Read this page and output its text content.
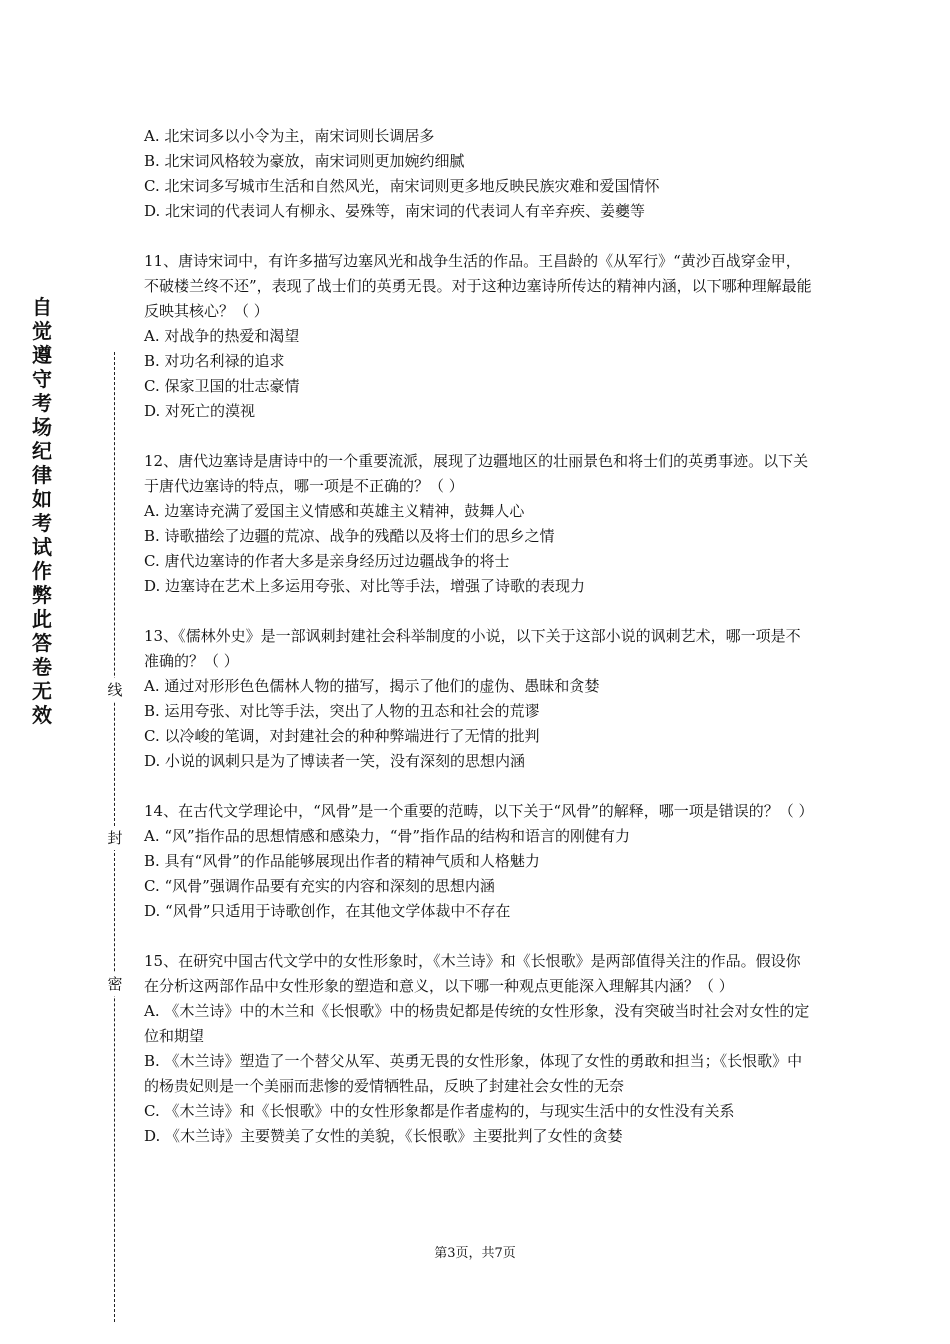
自觉遵守考场纪律如考试作弊此答卷无效
线
封
密

A. 北宋词多以小令为主，南宋词则长调居多

B. 北宋词风格较为豪放，南宋词则更加婉约细腻

C. 北宋词多写城市生活和自然风光，南宋词则更多地反映民族灾难和爱国情怀

D. 北宋词的代表词人有柳永、晏殊等，南宋词的代表词人有辛弃疾、姜夔等

11、唐诗宋词中，有许多描写边塞风光和战争生活的作品。王昌龄的《从军行》“黄沙百战穿金甲，不破楼兰终不还”，表现了战士们的英勇无畏。对于这种边塞诗所传达的精神内涵，以下哪种理解最能反映其核心？（ ）

A. 对战争的热爱和渴望

B. 对功名利禄的追求

C. 保家卫国的壮志豪情

D. 对死亡的漠视

12、唐代边塞诗是唐诗中的一个重要流派，展现了边疆地区的壮丽景色和将士们的英勇事迹。以下关于唐代边塞诗的特点，哪一项是不正确的？（ ）

A. 边塞诗充满了爱国主义情感和英雄主义精神，鼓舞人心

B. 诗歌描绘了边疆的荒凉、战争的残酷以及将士们的思乡之情

C. 唐代边塞诗的作者大多是亲身经历过边疆战争的将士

D. 边塞诗在艺术上多运用夸张、对比等手法，增强了诗歌的表现力

13、《儒林外史》是一部讽刺封建社会科举制度的小说，以下关于这部小说的讽刺艺术，哪一项是不准确的？（ ）

A. 通过对形形色色儒林人物的描写，揭示了他们的虚伪、愚昧和贪婪

B. 运用夸张、对比等手法，突出了人物的丑态和社会的荒谬

C. 以冷峻的笔调，对封建社会的种种弊端进行了无情的批判

D. 小说的讽刺只是为了博读者一笑，没有深刻的思想内涵

14、在古代文学理论中，“风骨”是一个重要的范畴，以下关于“风骨”的解释，哪一项是错误的？（ ）

A. “风”指作品的思想情感和感染力，“骨”指作品的结构和语言的刚健有力

B. 具有“风骨”的作品能够展现出作者的精神气质和人格魅力

C. “风骨”强调作品要有充实的内容和深刻的思想内涵

D. “风骨”只适用于诗歌创作，在其他文学体裁中不存在

15、在研究中国古代文学中的女性形象时，《木兰诗》和《长恨歌》是两部值得关注的作品。假设你在分析这两部作品中女性形象的塑造和意义，以下哪一种观点更能深入理解其内涵？（ ）

A. 《木兰诗》中的木兰和《长恨歌》中的杨贵妃都是传统的女性形象，没有突破当时社会对女性的定位和期望

B. 《木兰诗》塑造了一个替父从军、英勇无畏的女性形象，体现了女性的勇敢和担当；《长恨歌》中的杨贵妃则是一个美丽而悲惨的爱情牺牲品，反映了封建社会女性的无奈

C. 《木兰诗》和《长恨歌》中的女性形象都是作者虚构的，与现实生活中的女性没有关系

D. 《木兰诗》主要赞美了女性的美貌，《长恨歌》主要批判了女性的贪婪

第3页，共7页
